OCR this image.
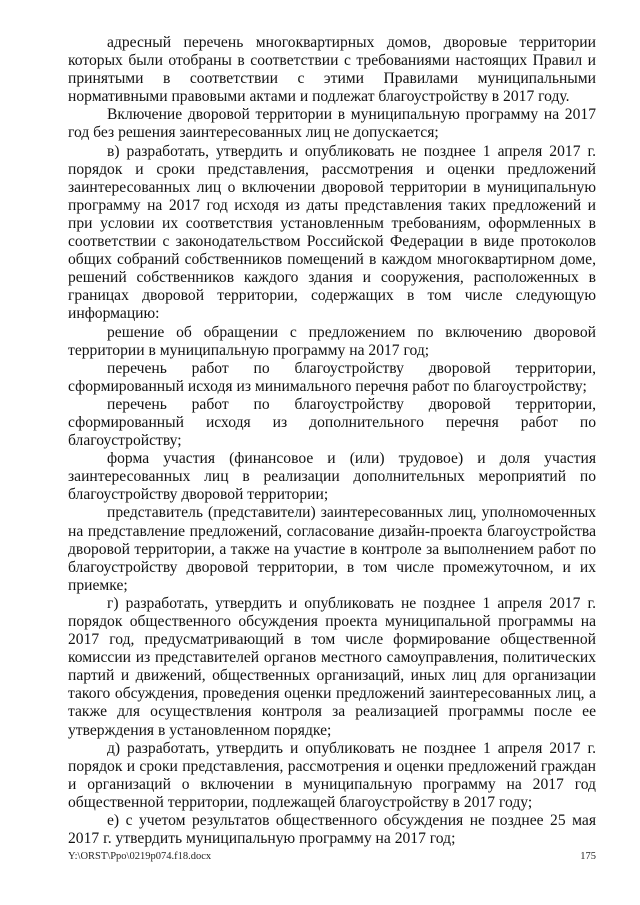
адресный перечень многоквартирных домов, дворовые территории которых были отобраны в соответствии с требованиями настоящих Правил и принятыми в соответствии с этими Правилами муниципальными нормативными правовыми актами и подлежат благоустройству в 2017 году.

Включение дворовой территории в муниципальную программу на 2017 год без решения заинтересованных лиц не допускается;

в) разработать, утвердить и опубликовать не позднее 1 апреля 2017 г. порядок и сроки представления, рассмотрения и оценки предложений заинтересованных лиц о включении дворовой территории в муниципальную программу на 2017 год исходя из даты представления таких предложений и при условии их соответствия установленным требованиям, оформленных в соответствии с законодательством Российской Федерации в виде протоколов общих собраний собственников помещений в каждом многоквартирном доме, решений собственников каждого здания и сооружения, расположенных в границах дворовой территории, содержащих в том числе следующую информацию:

решение об обращении с предложением по включению дворовой территории в муниципальную программу на 2017 год;

перечень работ по благоустройству дворовой территории, сформированный исходя из минимального перечня работ по благоустройству;

перечень работ по благоустройству дворовой территории, сформированный исходя из дополнительного перечня работ по благоустройству;

форма участия (финансовое и (или) трудовое) и доля участия заинтересованных лиц в реализации дополнительных мероприятий по благоустройству дворовой территории;

представитель (представители) заинтересованных лиц, уполномоченных на представление предложений, согласование дизайн-проекта благоустройства дворовой территории, а также на участие в контроле за выполнением работ по благоустройству дворовой территории, в том числе промежуточном, и их приемке;

г) разработать, утвердить и опубликовать не позднее 1 апреля 2017 г. порядок общественного обсуждения проекта муниципальной программы на 2017 год, предусматривающий в том числе формирование общественной комиссии из представителей органов местного самоуправления, политических партий и движений, общественных организаций, иных лиц для организации такого обсуждения, проведения оценки предложений заинтересованных лиц, а также для осуществления контроля за реализацией программы после ее утверждения в установленном порядке;

д) разработать, утвердить и опубликовать не позднее 1 апреля 2017 г. порядок и сроки представления, рассмотрения и оценки предложений граждан и организаций о включении в муниципальную программу на 2017 год общественной территории, подлежащей благоустройству в 2017 году;

е) с учетом результатов общественного обсуждения не позднее 25 мая 2017 г. утвердить муниципальную программу на 2017 год;

Y:\ORST\Ppo\0219p074.f18.docx	175
